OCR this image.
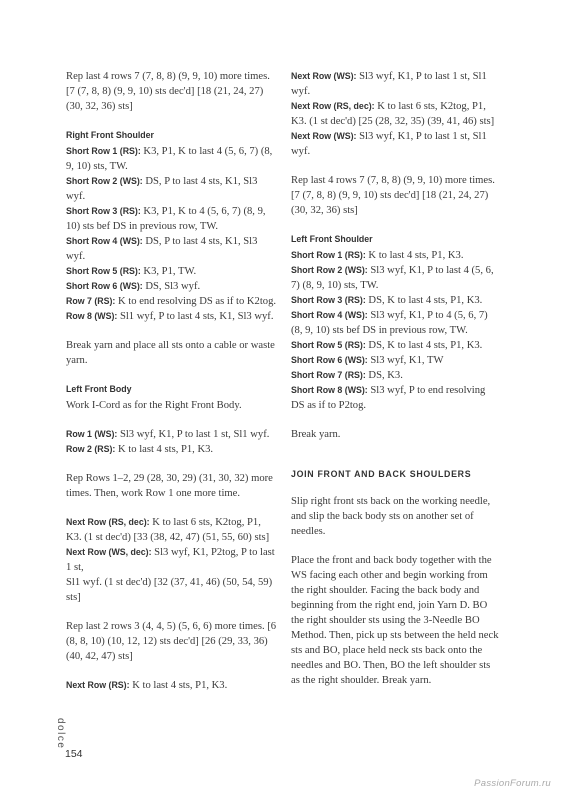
Rep last 4 rows 7 (7, 8, 8) (9, 9, 10) more times. [7 (7, 8, 8) (9, 9, 10) sts dec'd] [18 (21, 24, 27) (30, 32, 36) sts]

Right Front Shoulder

Short Row 1 (RS): K3, P1, K to last 4 (5, 6, 7) (8, 9, 10) sts, TW.

Short Row 2 (WS): DS, P to last 4 sts, K1, Sl3 wyf.

Short Row 3 (RS): K3, P1, K to 4 (5, 6, 7) (8, 9, 10) sts bef DS in previous row, TW.

Short Row 4 (WS): DS, P to last 4 sts, K1, Sl3 wyf.

Short Row 5 (RS): K3, P1, TW.

Short Row 6 (WS): DS, Sl3 wyf.

Row 7 (RS): K to end resolving DS as if to K2tog.

Row 8 (WS): Sl1 wyf, P to last 4 sts, K1, Sl3 wyf.

Break yarn and place all sts onto a cable or waste yarn.

Left Front Body

Work I-Cord as for the Right Front Body.

Row 1 (WS): Sl3 wyf, K1, P to last 1 st, Sl1 wyf.

Row 2 (RS): K to last 4 sts, P1, K3.

Rep Rows 1–2, 29 (28, 30, 29) (31, 30, 32) more times. Then, work Row 1 one more time.

Next Row (RS, dec): K to last 6 sts, K2tog, P1, K3. (1 st dec'd) [33 (38, 42, 47) (51, 55, 60) sts]

Next Row (WS, dec): Sl3 wyf, K1, P2tog, P to last 1 st,

Sl1 wyf. (1 st dec'd) [32 (37, 41, 46) (50, 54, 59) sts]

Rep last 2 rows 3 (4, 4, 5) (5, 6, 6) more times. [6 (8, 8, 10) (10, 12, 12) sts dec'd] [26 (29, 33, 36) (40, 42, 47) sts]

Next Row (RS): K to last 4 sts, P1, K3.

Next Row (WS): Sl3 wyf, K1, P to last 1 st, Sl1 wyf.

Next Row (RS, dec): K to last 6 sts, K2tog, P1, K3. (1 st dec'd) [25 (28, 32, 35) (39, 41, 46) sts]

Next Row (WS): Sl3 wyf, K1, P to last 1 st, Sl1 wyf.

Rep last 4 rows 7 (7, 8, 8) (9, 9, 10) more times. [7 (7, 8, 8) (9, 9, 10) sts dec'd] [18 (21, 24, 27) (30, 32, 36) sts]

Left Front Shoulder

Short Row 1 (RS): K to last 4 sts, P1, K3.

Short Row 2 (WS): Sl3 wyf, K1, P to last 4 (5, 6, 7) (8, 9, 10) sts, TW.

Short Row 3 (RS): DS, K to last 4 sts, P1, K3.

Short Row 4 (WS): Sl3 wyf, K1, P to 4 (5, 6, 7) (8, 9, 10) sts bef DS in previous row, TW.

Short Row 5 (RS): DS, K to last 4 sts, P1, K3.

Short Row 6 (WS): Sl3 wyf, K1, TW

Short Row 7 (RS): DS, K3.

Short Row 8 (WS): Sl3 wyf, P to end resolving DS as if to P2tog.

Break yarn.

JOIN FRONT AND BACK SHOULDERS

Slip right front sts back on the working needle, and slip the back body sts on another set of needles.

Place the front and back body together with the WS facing each other and begin working from the right shoulder. Facing the back body and beginning from the right end, join Yarn D. BO the right shoulder sts using the 3-Needle BO Method. Then, pick up sts between the held neck sts and BO, place held neck sts back onto the needles and BO. Then, BO the left shoulder sts as the right shoulder. Break yarn.

dolce
154
PassionForum.ru
